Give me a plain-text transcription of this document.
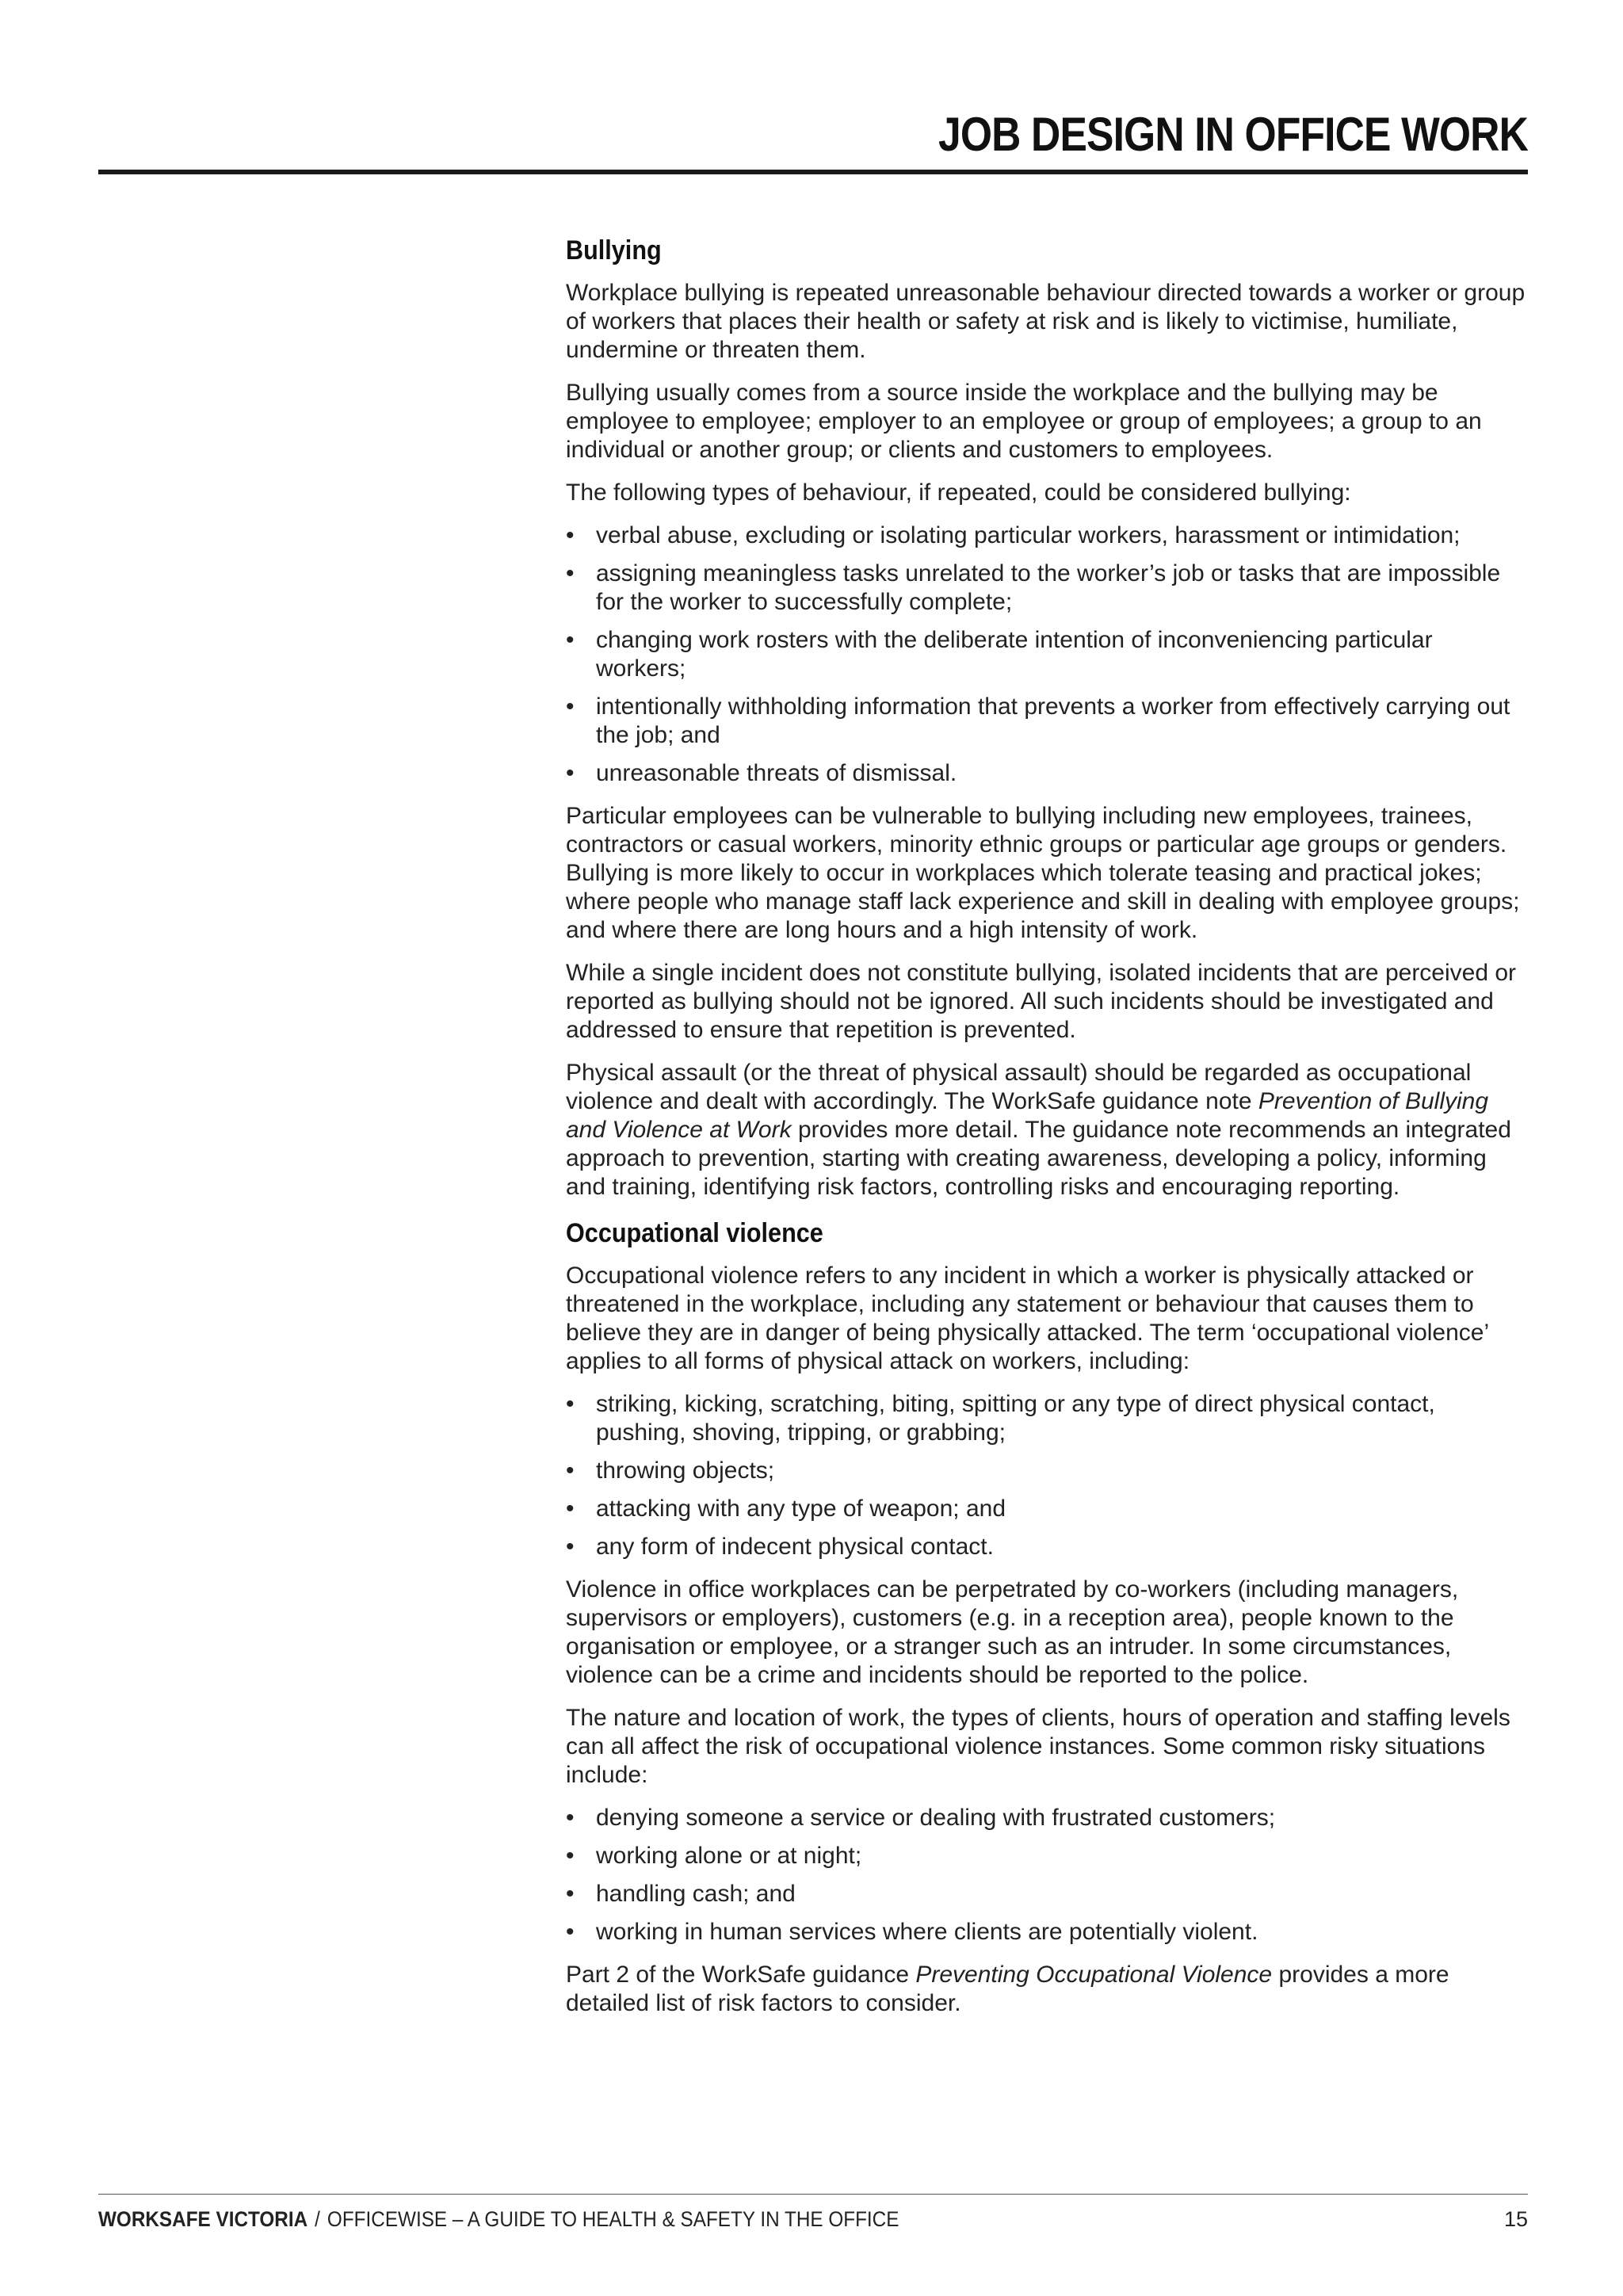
JOB DESIGN IN OFFICE WORK
Bullying

Workplace bullying is repeated unreasonable behaviour directed towards a worker or group of workers that places their health or safety at risk and is likely to victimise, humiliate, undermine or threaten them.

Bullying usually comes from a source inside the workplace and the bullying may be employee to employee; employer to an employee or group of employees; a group to an individual or another group; or clients and customers to employees.

The following types of behaviour, if repeated, could be considered bullying:

• verbal abuse, excluding or isolating particular workers, harassment or intimidation;
• assigning meaningless tasks unrelated to the worker’s job or tasks that are impossible for the worker to successfully complete;
• changing work rosters with the deliberate intention of inconveniencing particular workers;
• intentionally withholding information that prevents a worker from effectively carrying out the job; and
• unreasonable threats of dismissal.

Particular employees can be vulnerable to bullying including new employees, trainees, contractors or casual workers, minority ethnic groups or particular age groups or genders. Bullying is more likely to occur in workplaces which tolerate teasing and practical jokes; where people who manage staff lack experience and skill in dealing with employee groups; and where there are long hours and a high intensity of work.

While a single incident does not constitute bullying, isolated incidents that are perceived or reported as bullying should not be ignored. All such incidents should be investigated and addressed to ensure that repetition is prevented.

Physical assault (or the threat of physical assault) should be regarded as occupational violence and dealt with accordingly. The WorkSafe guidance note Prevention of Bullying and Violence at Work provides more detail. The guidance note recommends an integrated approach to prevention, starting with creating awareness, developing a policy, informing and training, identifying risk factors, controlling risks and encouraging reporting.

Occupational violence

Occupational violence refers to any incident in which a worker is physically attacked or threatened in the workplace, including any statement or behaviour that causes them to believe they are in danger of being physically attacked. The term ‘occupational violence’ applies to all forms of physical attack on workers, including:

• striking, kicking, scratching, biting, spitting or any type of direct physical contact, pushing, shoving, tripping, or grabbing;
• throwing objects;
• attacking with any type of weapon; and
• any form of indecent physical contact.

Violence in office workplaces can be perpetrated by co-workers (including managers, supervisors or employers), customers (e.g. in a reception area), people known to the organisation or employee, or a stranger such as an intruder. In some circumstances, violence can be a crime and incidents should be reported to the police.

The nature and location of work, the types of clients, hours of operation and staffing levels can all affect the risk of occupational violence instances. Some common risky situations include:

• denying someone a service or dealing with frustrated customers;
• working alone or at night;
• handling cash; and
• working in human services where clients are potentially violent.

Part 2 of the WorkSafe guidance Preventing Occupational Violence provides a more detailed list of risk factors to consider.

WORKSAFE VICTORIA / OFFICEWISE – A GUIDE TO HEALTH & SAFETY IN THE OFFICE	15
